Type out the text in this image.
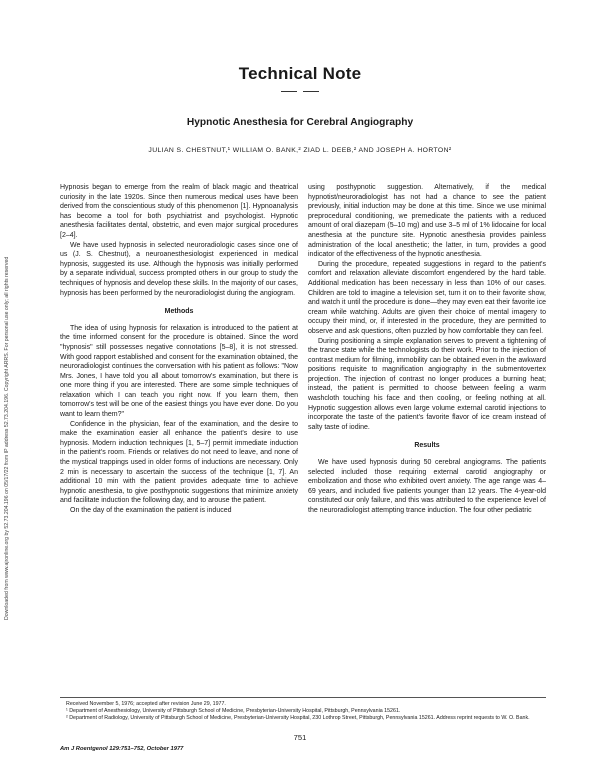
Downloaded from www.ajronline.org by 52.73.204.196 on 05/17/22 from IP address 52.73.204.196. Copyright ARRS. For personal use only; all rights reserved
Technical Note
Hypnotic Anesthesia for Cerebral Angiography
JULIAN S. CHESTNUT,¹ WILLIAM O. BANK,² ZIAD L. DEEB,² AND JOSEPH A. HORTON²

Hypnosis began to emerge from the realm of black magic and theatrical curiosity in the late 1920s. Since then numerous medical uses have been derived from the conscientious study of this phenomenon [1]. Hypnoanalysis has become a tool for both psychiatrist and psychologist. Hypnotic anesthesia facilitates dental, obstetric, and even major surgical procedures [2–4].

We have used hypnosis in selected neuroradiologic cases since one of us (J. S. Chestnut), a neuroanesthesiologist experienced in medical hypnosis, suggested its use. Although the hypnosis was initially performed by a separate individual, success prompted others in our group to study the techniques of hypnosis and develop these skills. In the majority of our cases, hypnosis has been performed by the neuroradiologist during the angiogram.

Methods

The idea of using hypnosis for relaxation is introduced to the patient at the time informed consent for the procedure is obtained. Since the word "hypnosis" still possesses negative connotations [5–8], it is not stressed. With good rapport established and consent for the examination obtained, the neuroradiologist continues the conversation with his patient as follows: "Now Mrs. Jones, I have told you all about tomorrow's examination, but there is one more thing if you are interested. There are some simple techniques of relaxation which I can teach you right now. If you learn them, then tomorrow's test will be one of the easiest things you have ever done. Do you want to learn them?"

Confidence in the physician, fear of the examination, and the desire to make the examination easier all enhance the patient's desire to use hypnosis. Modern induction techniques [1, 5–7] permit immediate induction in the patient's room. Friends or relatives do not need to leave, and none of the mystical trappings used in older forms of inductions are necessary. Only 2 min is necessary to ascertain the success of the technique [1, 7]. An additional 10 min with the patient provides adequate time to achieve hypnotic anesthesia, to give posthypnotic suggestions that minimize anxiety and facilitate induction the following day, and to arouse the patient.

On the day of the examination the patient is induced

using posthypnotic suggestion. Alternatively, if the medical hypnotist/neuroradiologist has not had a chance to see the patient previously, initial induction may be done at this time. Since we use minimal preprocedural conditioning, we premedicate the patients with a reduced amount of oral diazepam (5–10 mg) and use 3–5 ml of 1% lidocaine for local anesthesia at the puncture site. Hypnotic anesthesia provides painless administration of the local anesthetic; the latter, in turn, provides a good indicator of the effectiveness of the hypnotic anesthesia.

During the procedure, repeated suggestions in regard to the patient's comfort and relaxation alleviate discomfort engendered by the hard table. Additional medication has been necessary in less than 10% of our cases. Children are told to imagine a television set, turn it on to their favorite show, and watch it until the procedure is done—they may even eat their favorite ice cream while watching. Adults are given their choice of mental imagery to occupy their mind, or, if interested in the procedure, they are permitted to observe and ask questions, often puzzled by how comfortable they can feel.

During positioning a simple explanation serves to prevent a tightening of the trance state while the technologists do their work. Prior to the injection of contrast medium for filming, immobility can be obtained even in the awkward positions requisite to magnification angiography in the submentovertex projection. The injection of contrast no longer produces a burning heat; instead, the patient is permitted to choose between feeling a warm washcloth touching his face and then cooling, or feeling nothing at all. Hypnotic suggestion allows even large volume external carotid injections to incorporate the taste of the patient's favorite flavor of ice cream instead of salty taste of iodine.

Results

We have used hypnosis during 50 cerebral angiograms. The patients selected included those requiring external carotid angiography or embolization and those who exhibited overt anxiety. The age range was 4–69 years, and included five patients younger than 12 years. The 4-year-old constituted our only failure, and this was attributed to the experience level of the neuroradiologist attempting trance induction. The four other pediatric

Received November 5, 1976; accepted after revision June 29, 1977.

¹ Department of Anesthesiology, University of Pittsburgh School of Medicine, Presbyterian-University Hospital, Pittsburgh, Pennsylvania 15261.

² Department of Radiology, University of Pittsburgh School of Medicine, Presbyterian-University Hospital, 230 Lothrop Street, Pittsburgh, Pennsylvania 15261. Address reprint requests to W. O. Bank.

751
Am J Roentgenol 129:751–752, October 1977
